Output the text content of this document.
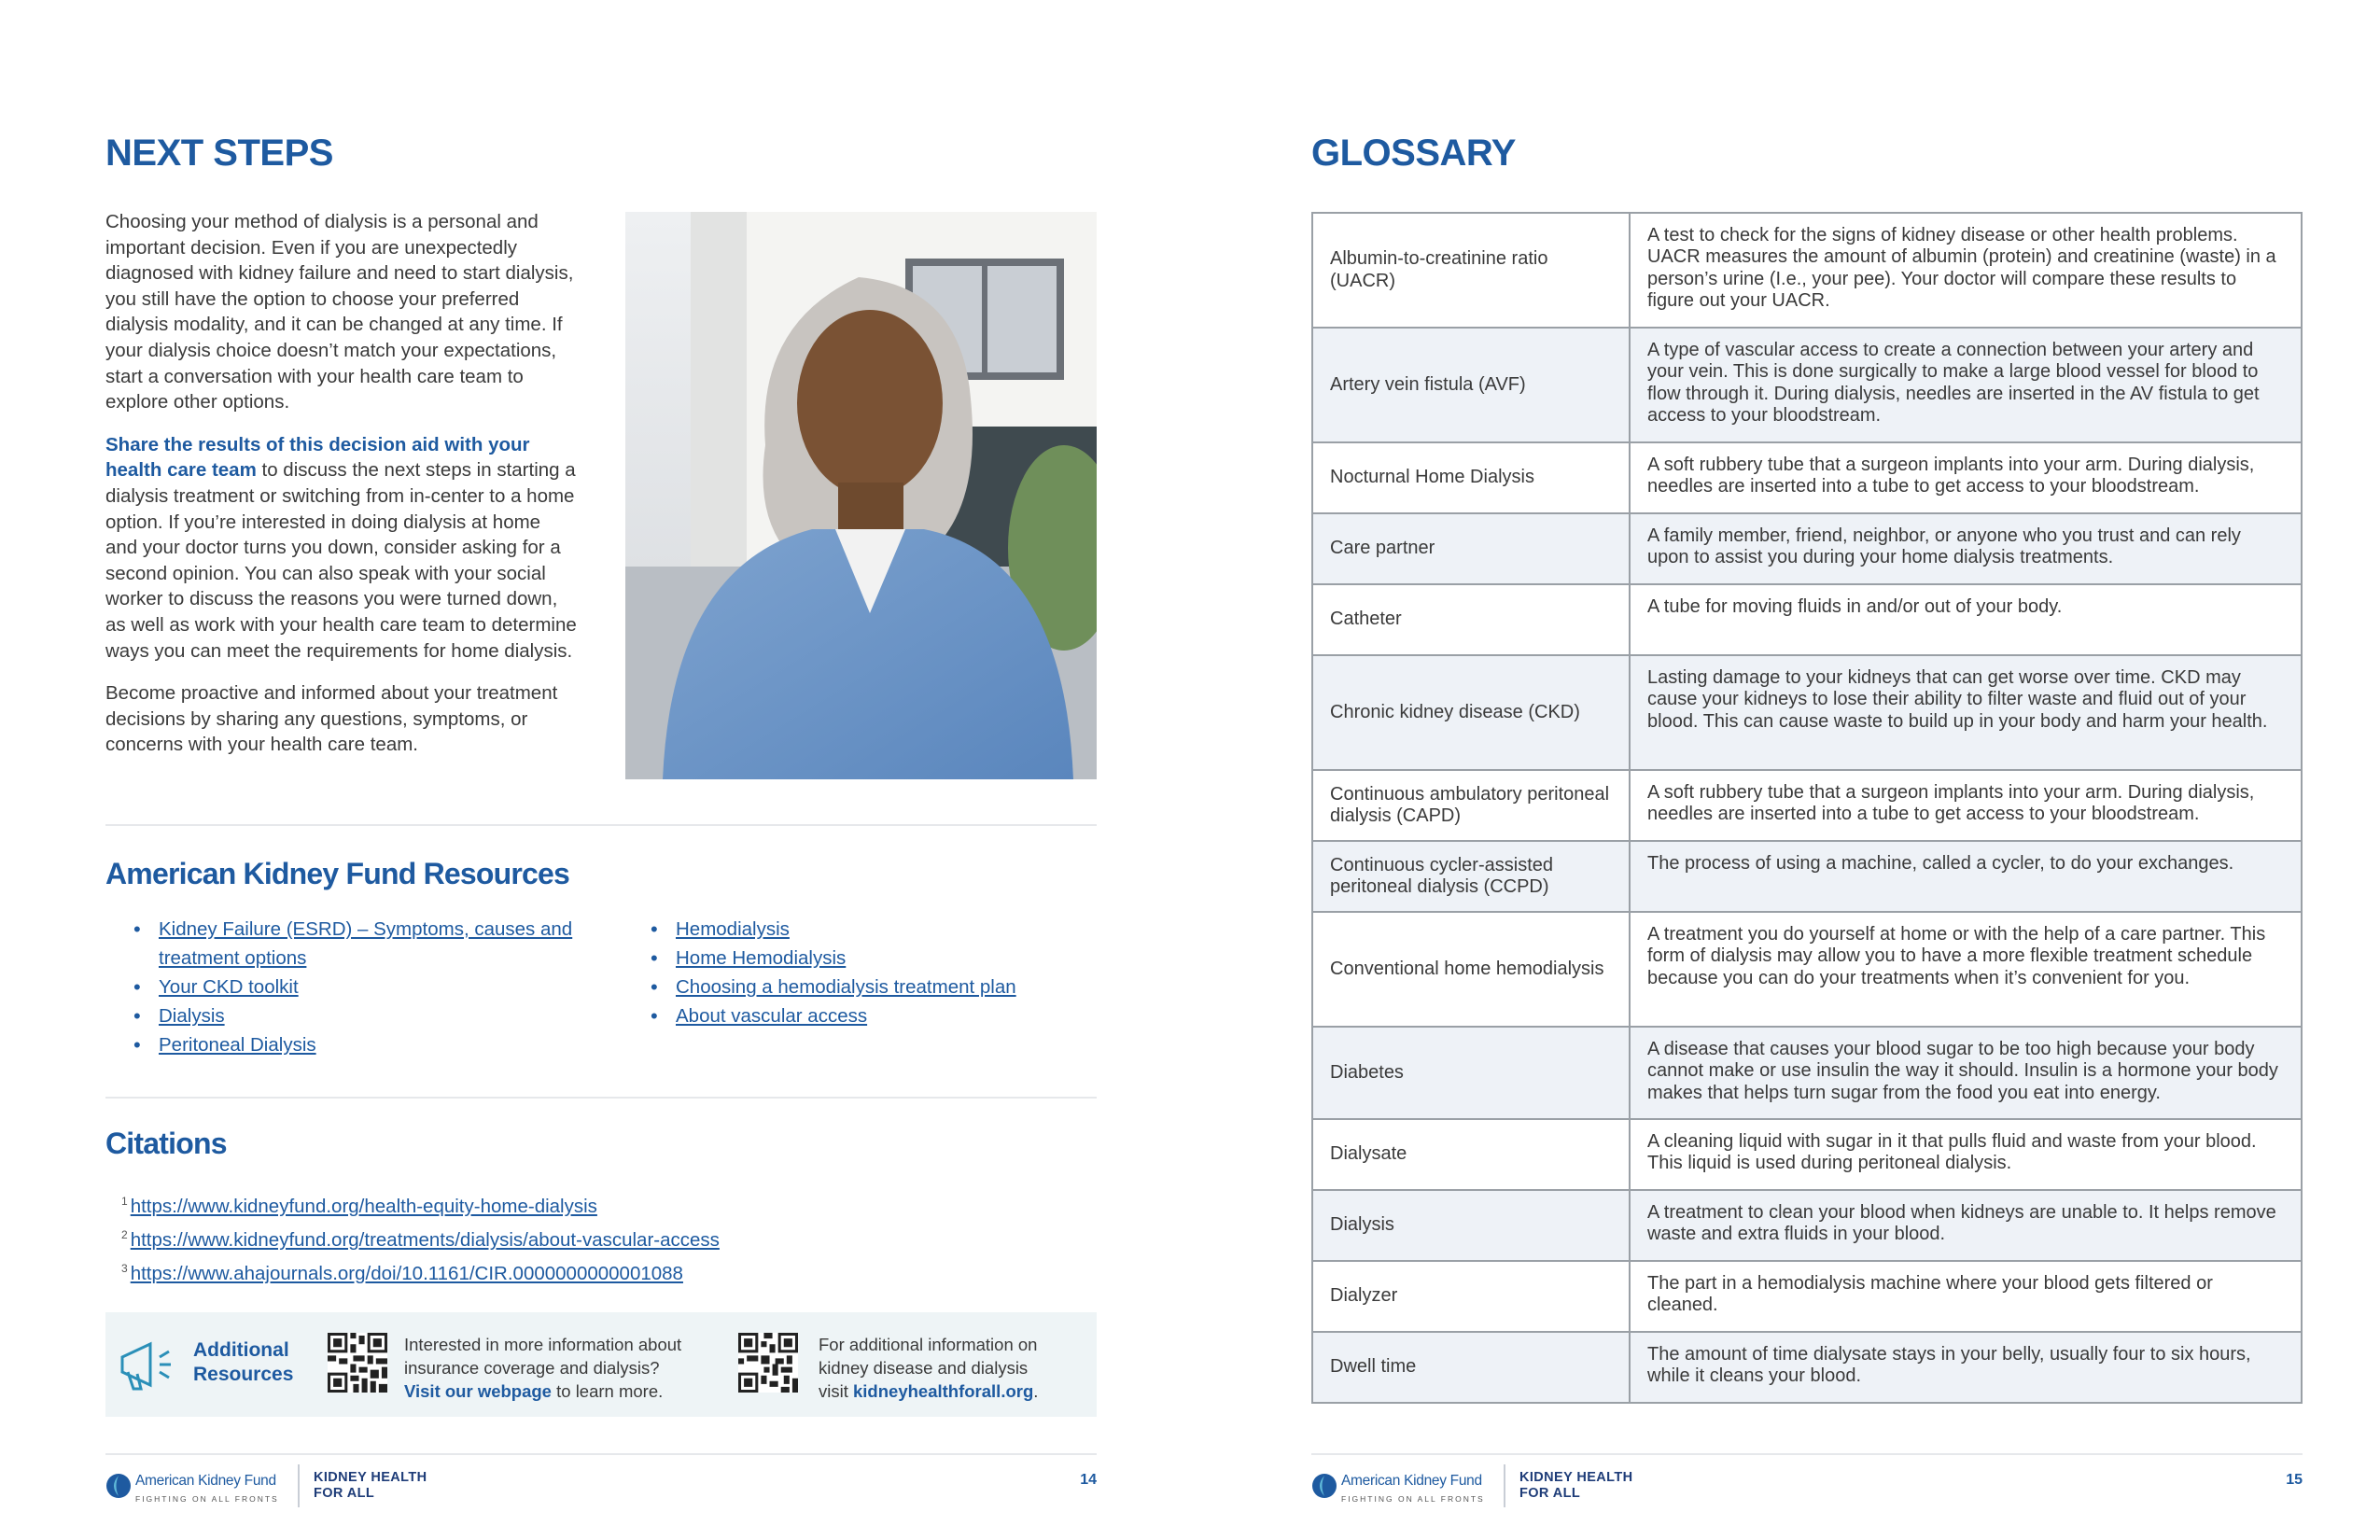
NEXT STEPS

Choosing your method of dialysis is a personal and important decision. Even if you are unexpectedly diagnosed with kidney failure and need to start dialysis, you still have the option to choose your preferred dialysis modality, and it can be changed at any time. If your dialysis choice doesn’t match your expectations, start a conversation with your health care team to explore other options.

Share the results of this decision aid with your health care team to discuss the next steps in starting a dialysis treatment or switching from in-center to a home option. If you’re interested in doing dialysis at home and your doctor turns you down, consider asking for a second opinion. You can also speak with your social worker to discuss the reasons you were turned down, as well as work with your health care team to determine ways you can meet the requirements for home dialysis.

Become proactive and informed about your treatment decisions by sharing any questions, symptoms, or concerns with your health care team.

American Kidney Fund Resources
• Kidney Failure (ESRD) – Symptoms, causes and treatment options
• Your CKD toolkit
• Dialysis
• Peritoneal Dialysis
• Hemodialysis
• Home Hemodialysis
• Choosing a hemodialysis treatment plan
• About vascular access
Citations
$^1$ https://www.kidneyfund.org/health-equity-home-dialysis
$^2$ https://www.kidneyfund.org/treatments/dialysis/about-vascular-access
$^3$ https://www.ahajournals.org/doi/10.1161/CIR.0000000000001088
Additional
Resources
Interested in more information about
insurance coverage and dialysis?
Visit our webpage to learn more.
For additional information on
kidney disease and dialysis
visit kidneyhealthforall.org.
American Kidney Fund
FIGHTING ON ALL FRONTS
KIDNEY HEALTH
FOR ALL
14
GLOSSARY
Albumin-to-creatinine ratio (UACR)	A test to check for the signs of kidney disease or other health problems. UACR measures the amount of albumin (protein) and creatinine (waste) in a person’s urine (I.e., your pee). Your doctor will compare these results to figure out your UACR.
Artery vein fistula (AVF)	A type of vascular access to create a connection between your artery and your vein. This is done surgically to make a large blood vessel for blood to flow through it. During dialysis, needles are inserted in the AV fistula to get access to your bloodstream.
Nocturnal Home Dialysis	A soft rubbery tube that a surgeon implants into your arm. During dialysis, needles are inserted into a tube to get access to your bloodstream.
Care partner	A family member, friend, neighbor, or anyone who you trust and can rely upon to assist you during your home dialysis treatments.
Catheter	A tube for moving fluids in and/or out of your body.
Chronic kidney disease (CKD)	Lasting damage to your kidneys that can get worse over time. CKD may cause your kidneys to lose their ability to filter waste and fluid out of your blood. This can cause waste to build up in your body and harm your health.
Continuous ambulatory peritoneal dialysis (CAPD)	A soft rubbery tube that a surgeon implants into your arm. During dialysis, needles are inserted into a tube to get access to your bloodstream.
Continuous cycler-assisted peritoneal dialysis (CCPD)	The process of using a machine, called a cycler, to do your exchanges.
Conventional home hemodialysis	A treatment you do yourself at home or with the help of a care partner. This form of dialysis may allow you to have a more flexible treatment schedule because you can do your treatments when it’s convenient for you.
Diabetes	A disease that causes your blood sugar to be too high because your body cannot make or use insulin the way it should. Insulin is a hormone your body makes that helps turn sugar from the food you eat into energy.
Dialysate	A cleaning liquid with sugar in it that pulls fluid and waste from your blood. This liquid is used during peritoneal dialysis.
Dialysis	A treatment to clean your blood when kidneys are unable to. It helps remove waste and extra fluids in your blood.
Dialyzer	The part in a hemodialysis machine where your blood gets filtered or cleaned.
Dwell time	The amount of time dialysate stays in your belly, usually four to six hours, while it cleans your blood.
American Kidney Fund
FIGHTING ON ALL FRONTS
KIDNEY HEALTH
FOR ALL
15
